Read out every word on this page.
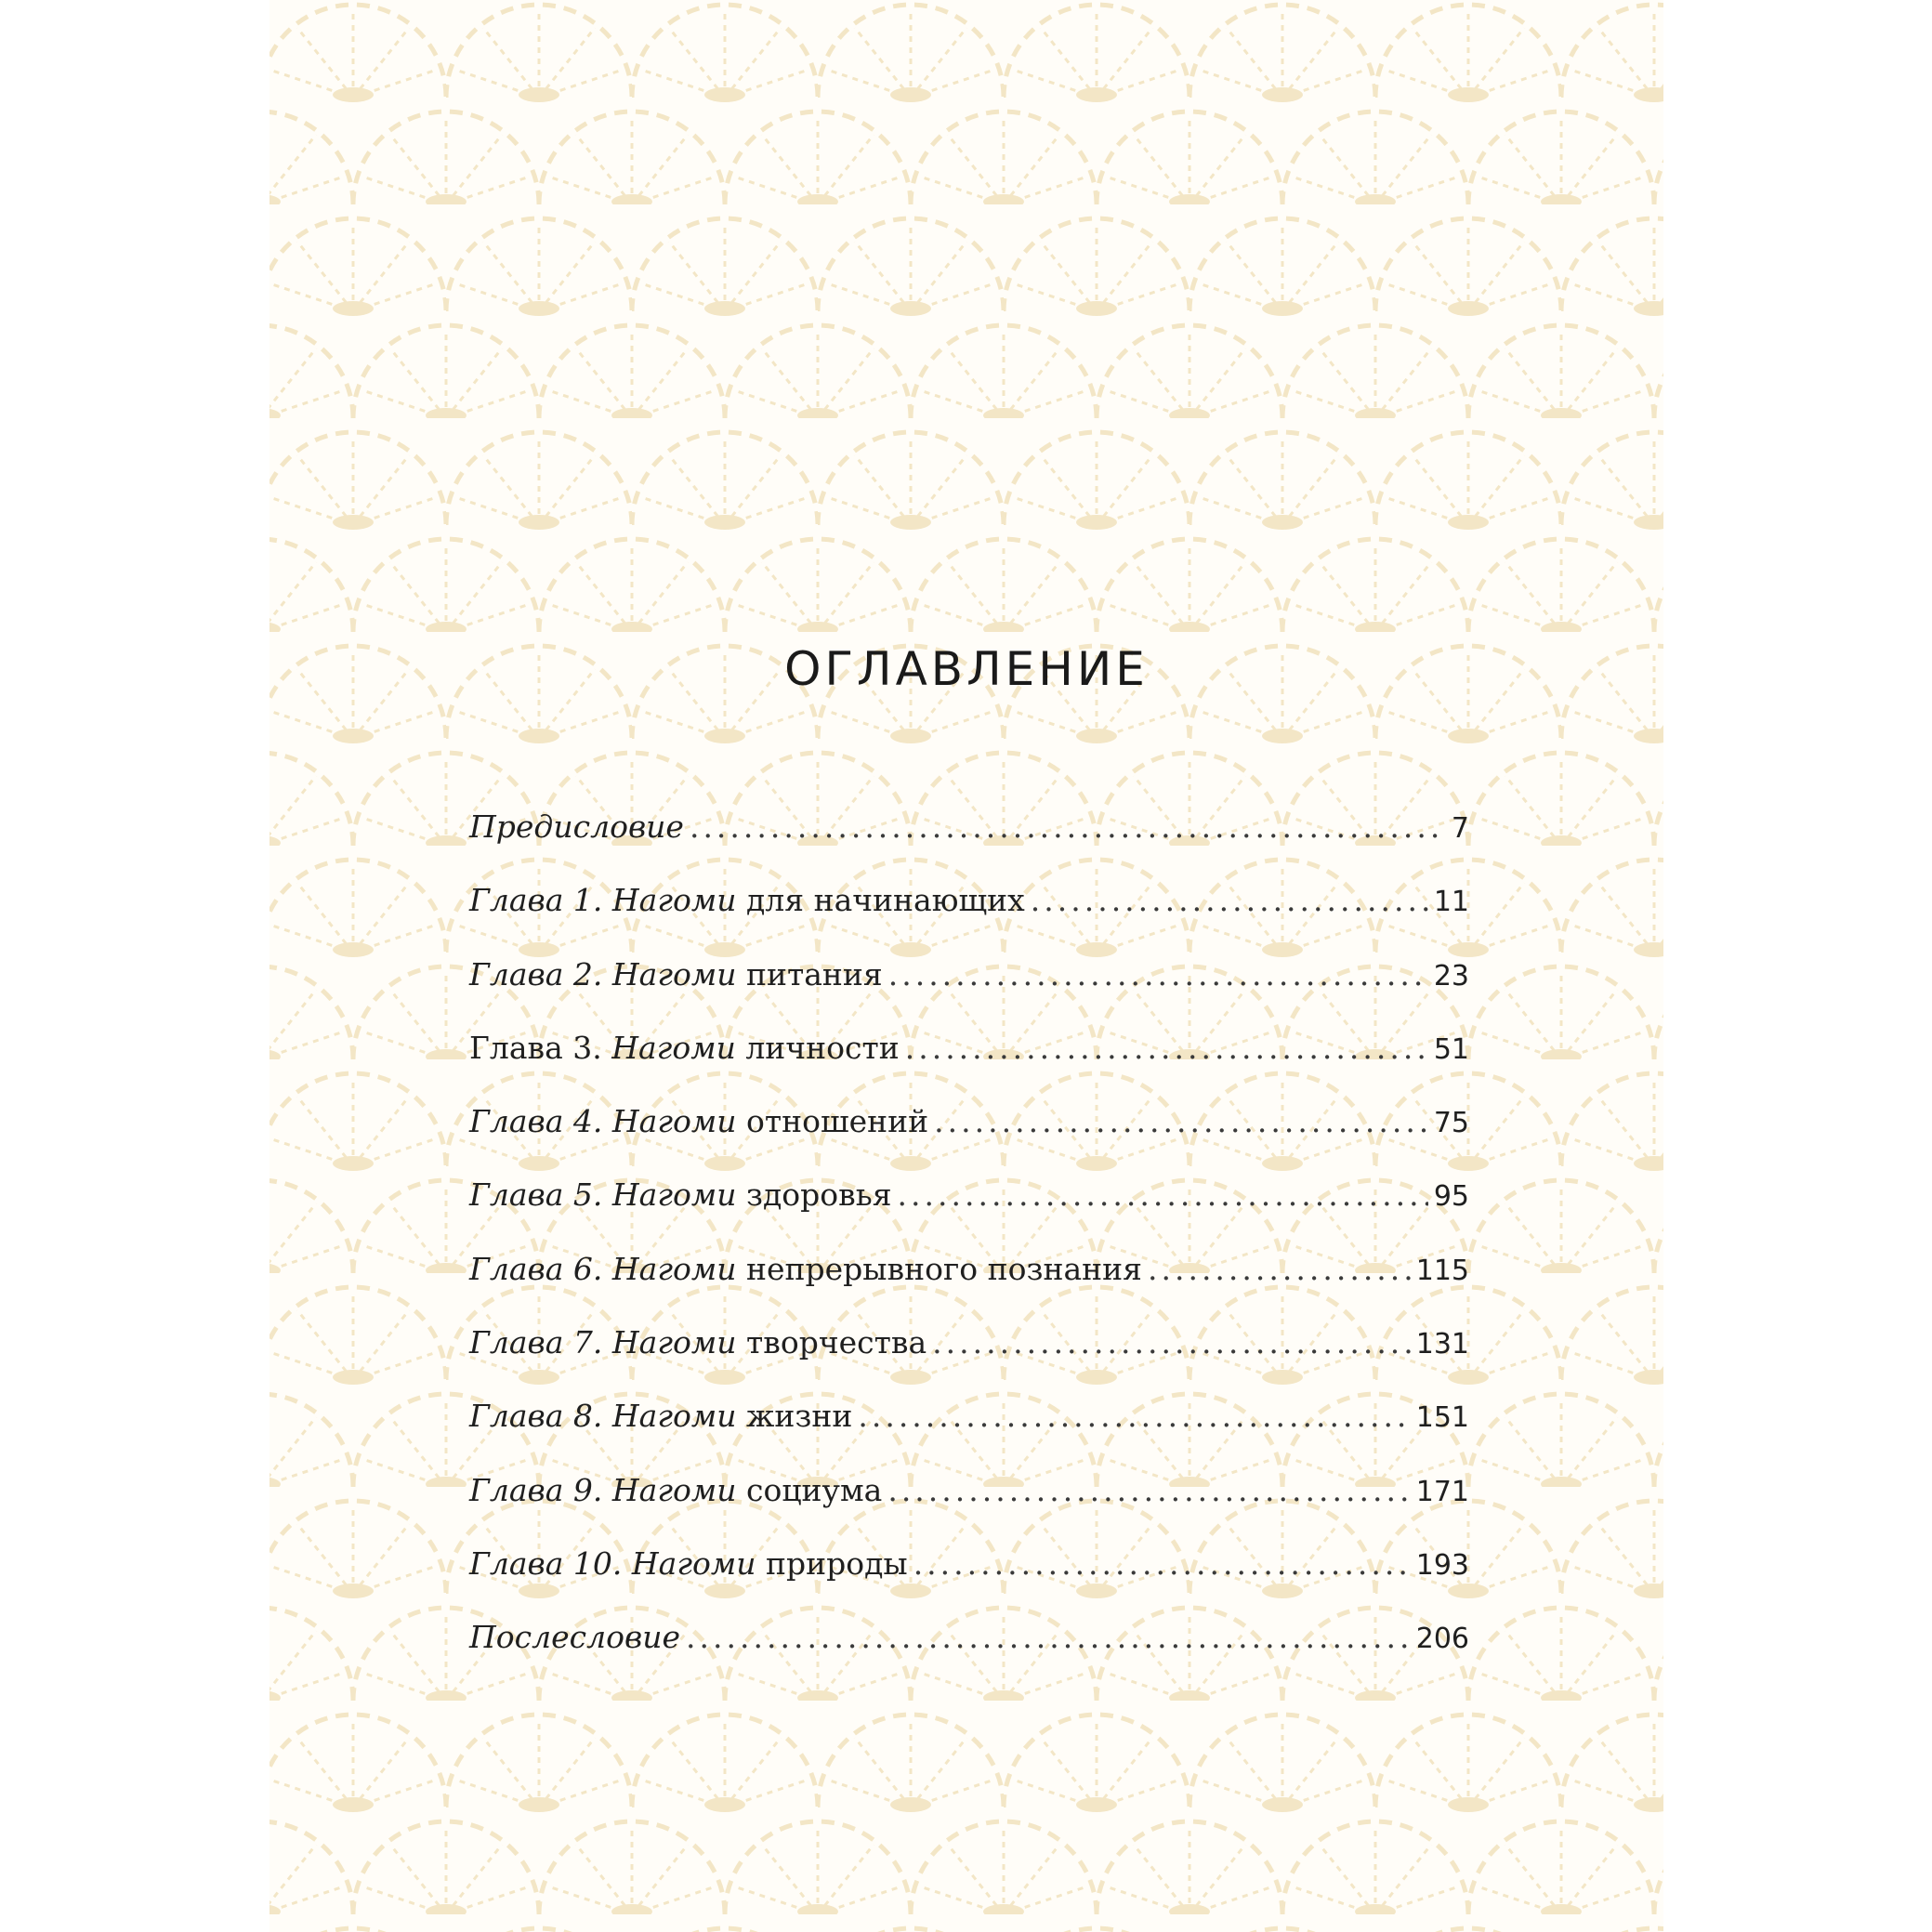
ОГЛАВЛЕНИЕ
Предисловие .....	7
Глава 1. Нагоми для начинающих .....	11
Глава 2. Нагоми питания .....	23
Глава 3. Нагоми личности .....	51
Глава 4. Нагоми отношений .....	75
Глава 5. Нагоми здоровья .....	95
Глава 6. Нагоми непрерывного познания .....	115
Глава 7. Нагоми творчества .....	131
Глава 8. Нагоми жизни .....	151
Глава 9. Нагоми социума .....	171
Глава 10. Нагоми природы .....	193
Послесловие .....	206
